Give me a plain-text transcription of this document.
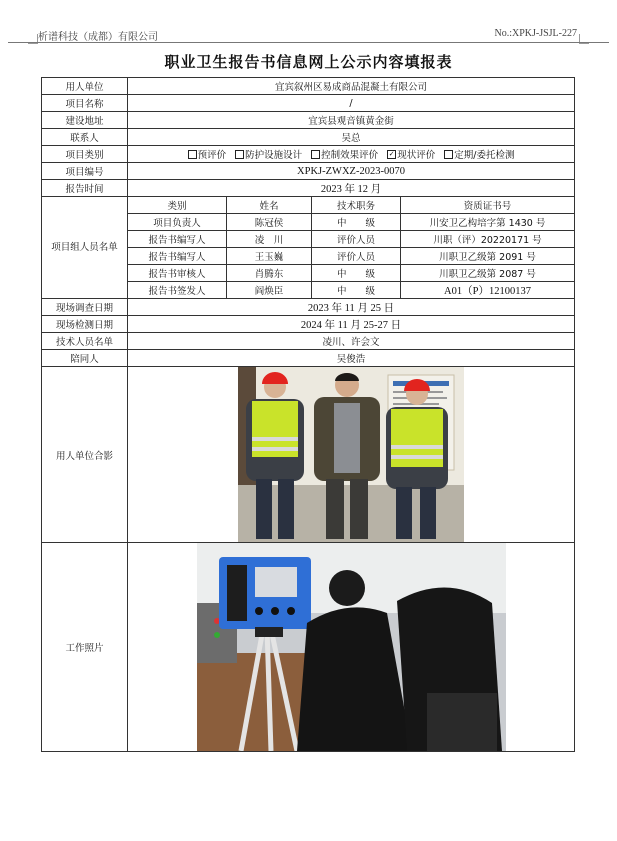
析谱科技（成都）有限公司	No.:XPKJ-JSJL-227
职业卫生报告书信息网上公示内容填报表
用人单位	宜宾叙州区易成商品混凝土有限公司			
项目名称	/			
建设地址	宜宾县观音镇黄金街			
联系人	吴总			
项目类别	预评价 防护设施设计 控制效果评价 ✓ 现状评价 定期/委托检测			
项目编号	XPKJ-ZWXZ-2023-0070			
报告时间	2023 年 12 月			
项目组人员名单	类别	姓名	技术职务	资质证书号
	项目负责人	陈冠侯	中　　级	川安卫乙构培字第 1430 号
	报告书编写人	凌　川	评价人员	川职（评）20220171 号
	报告书编写人	王玉巍	评价人员	川职卫乙级第 2091 号
	报告书审核人	肖腾东	中　　级	川职卫乙级第 2087 号
	报告书签发人	阎焕臣	中　　级	A01（P）12100137
现场调查日期	2023 年 11 月 25 日			
现场检测日期	2024 年 11 月 25-27 日			
技术人员名单	凌川、许会文			
陪同人	吴俊浩			
用人单位合影	

工作照片	
